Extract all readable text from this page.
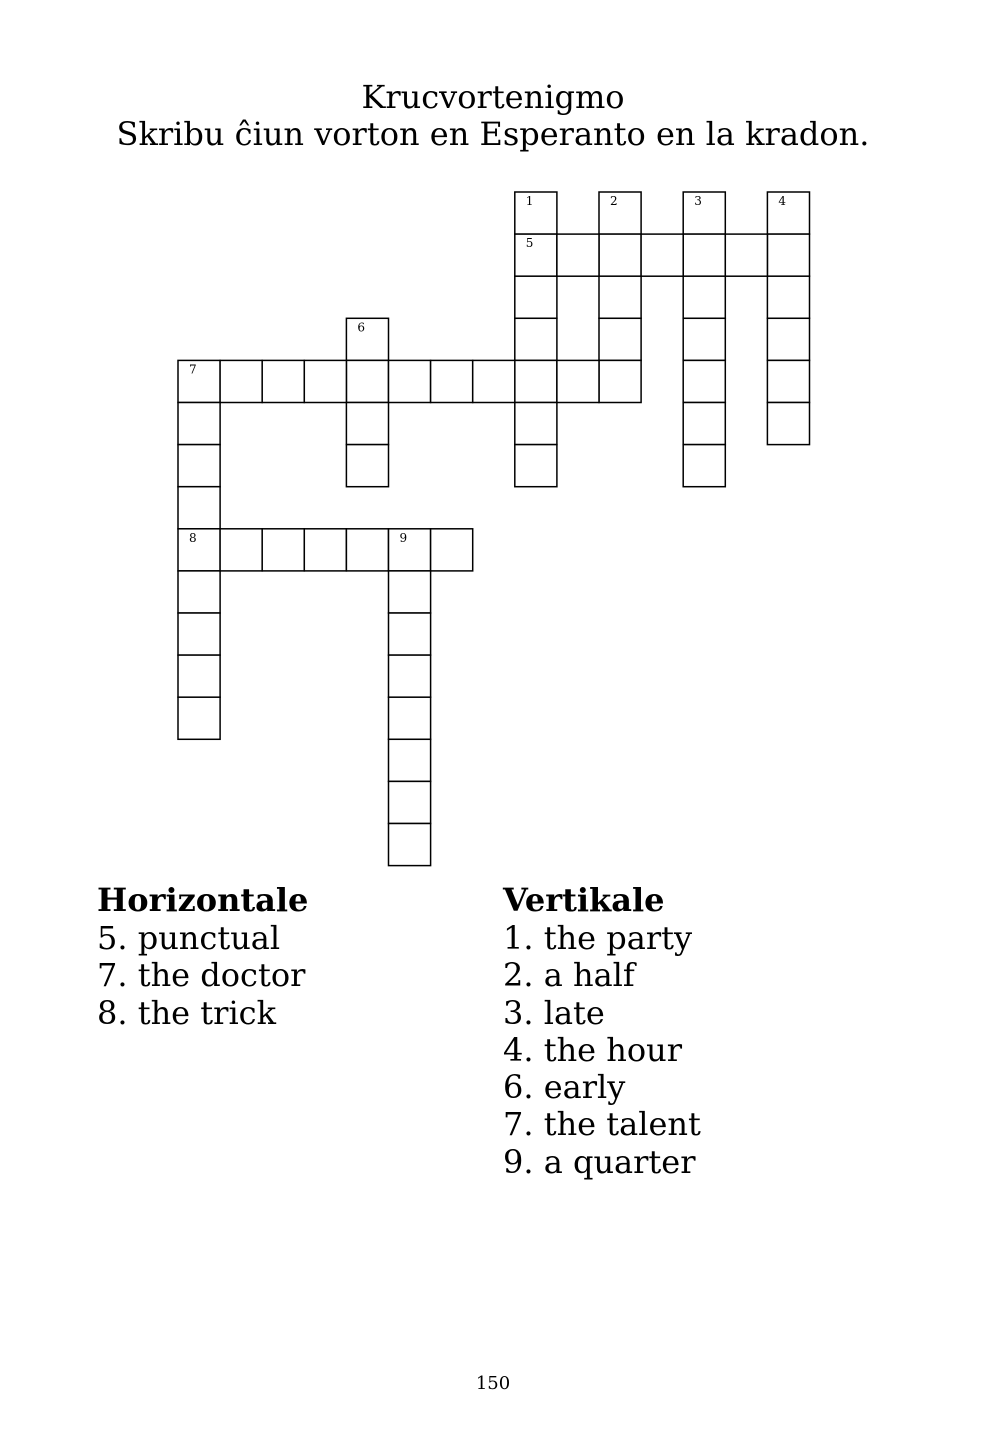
Krucvortenigmo
Skribu ĉiun vorton en Esperanto en la kradon.
1	2	3	4
5
6
7
8	9
Horizontale
5. punctual
7. the doctor
8. the trick
Vertikale
1. the party
2. a half
3. late
4. the hour
6. early
7. the talent
9. a quarter
150
